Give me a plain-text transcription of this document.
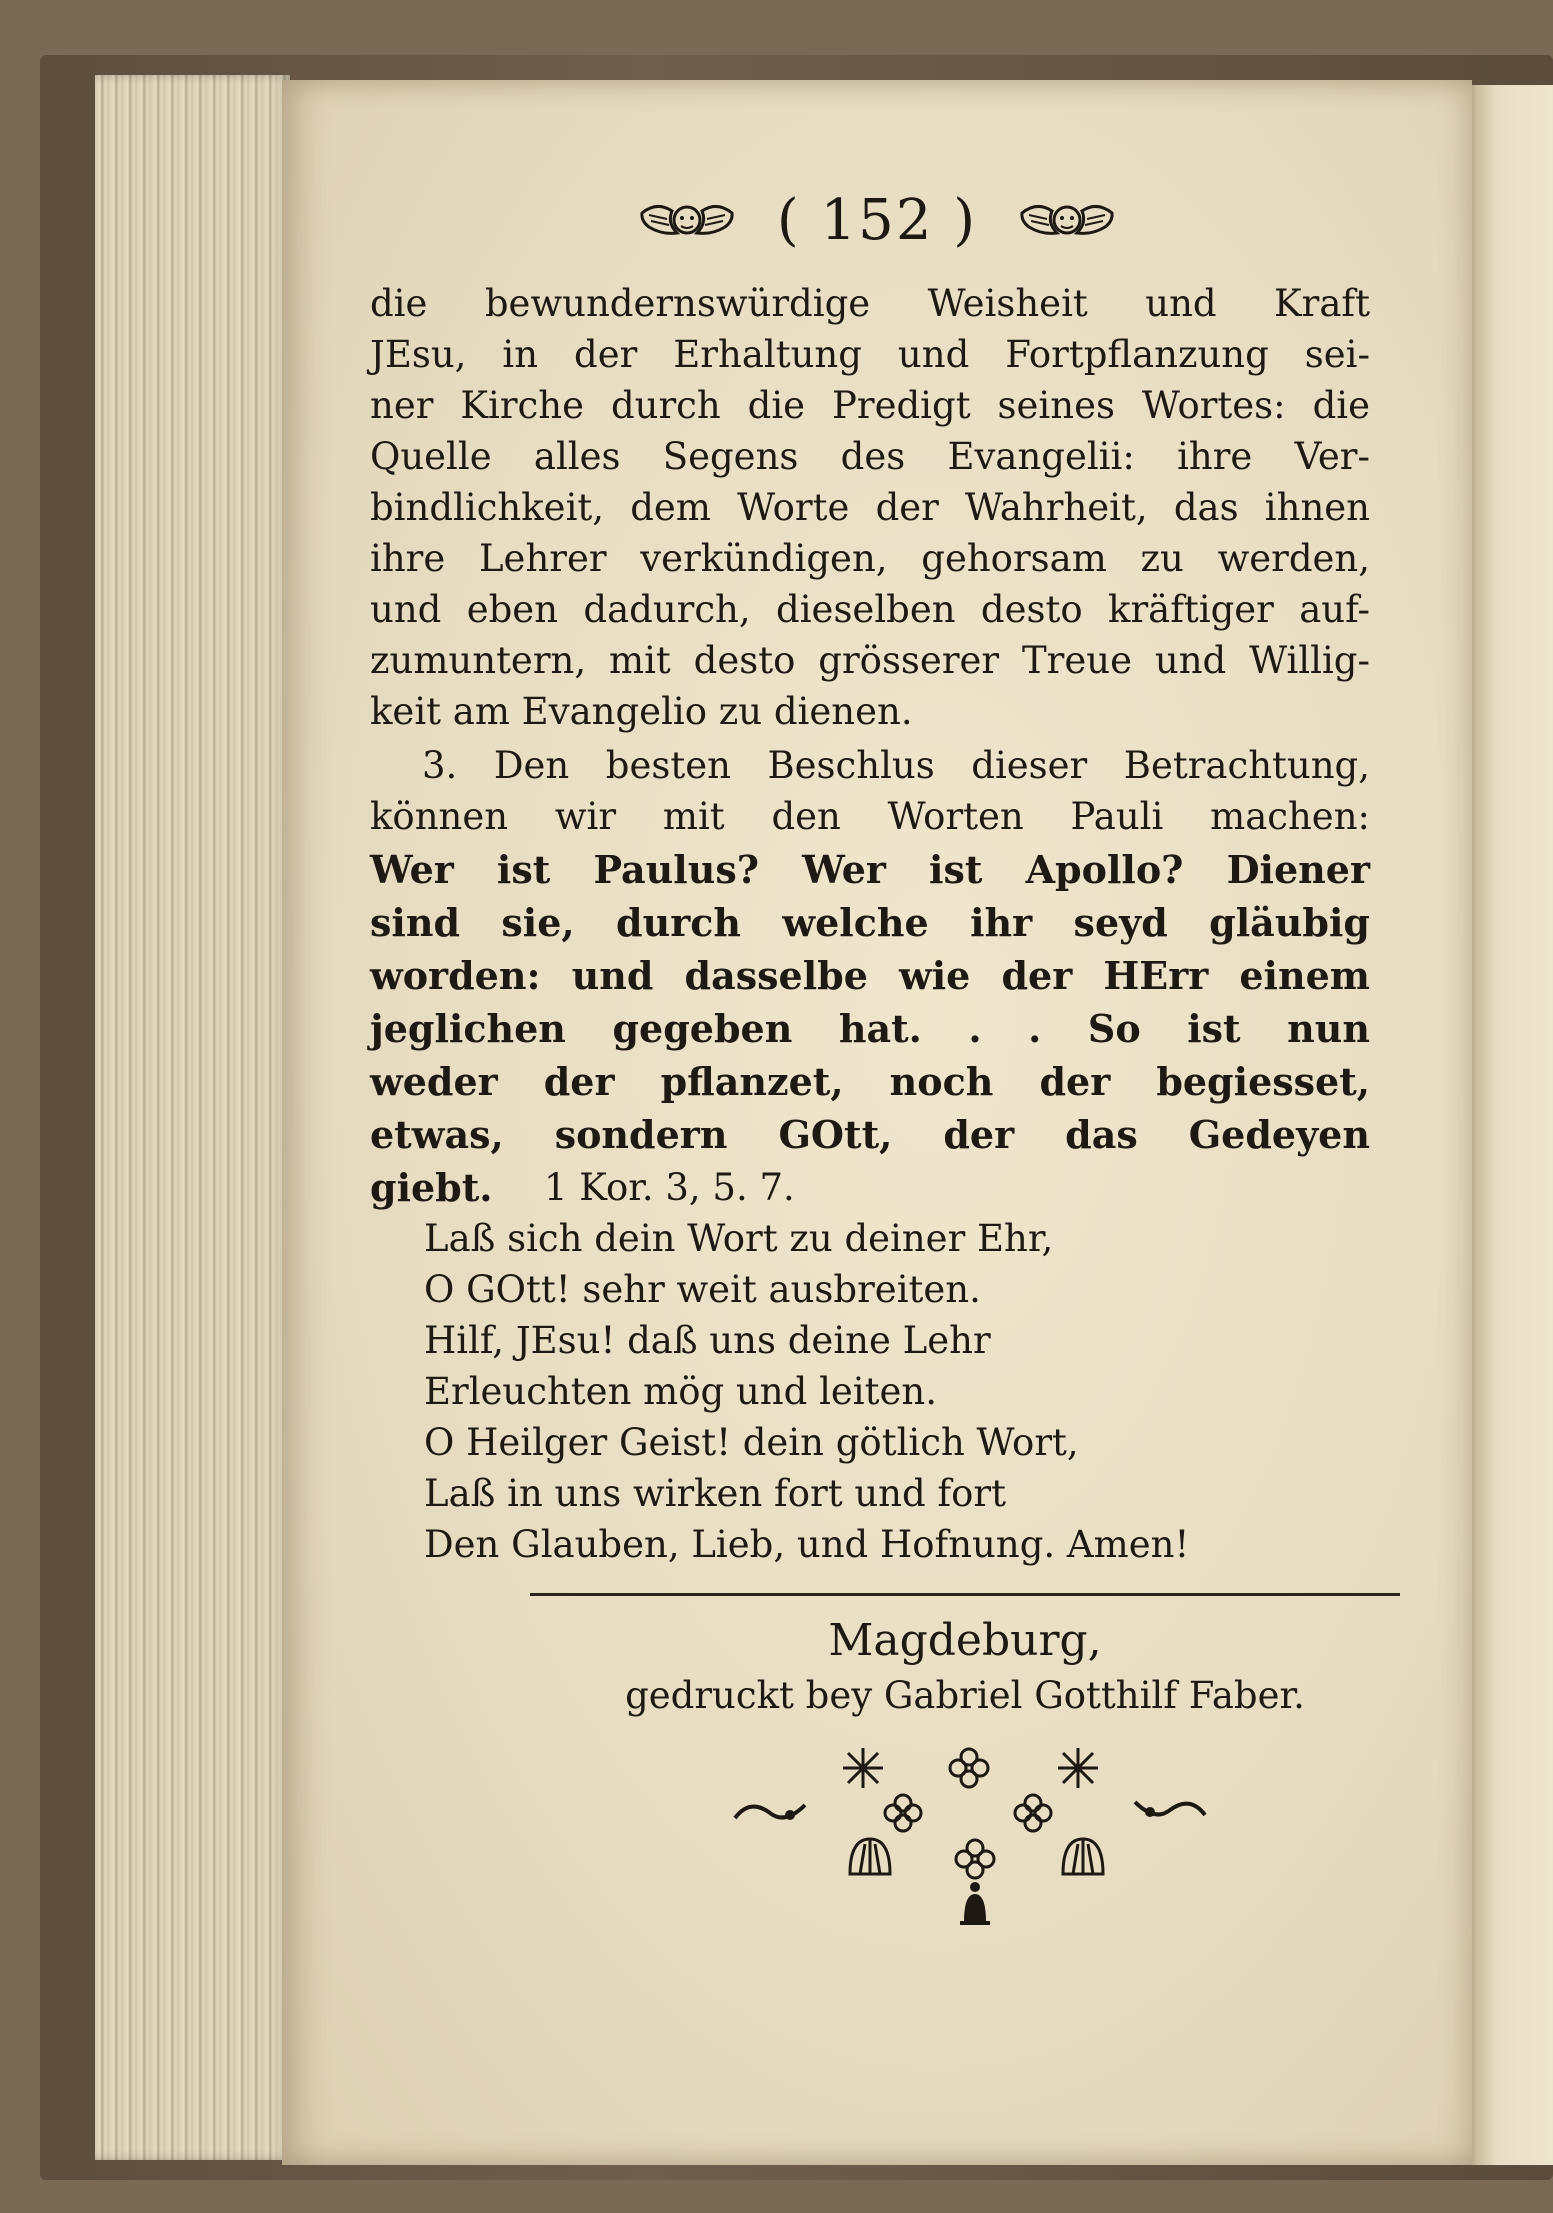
( 152 )
die bewundernswürdige Weisheit und Kraft
JEsu, in der Erhaltung und Fortpflanzung sei-
ner Kirche durch die Predigt seines Wortes: die
Quelle alles Segens des Evangelii: ihre Ver-
bindlichkeit, dem Worte der Wahrheit, das ihnen
ihre Lehrer verkündigen, gehorsam zu werden,
und eben dadurch, dieselben desto kräftiger auf-
zumuntern, mit desto grösserer Treue und Willig-
keit am Evangelio zu dienen.
3. Den besten Beschlus dieser Betrachtung,
können wir mit den Worten Pauli machen:
Wer ist Paulus? Wer ist Apollo? Diener
sind sie, durch welche ihr seyd gläubig
worden: und dasselbe wie der HErr einem
jeglichen gegeben hat. . . So ist nun
weder der pflanzet, noch der begiesset,
etwas, sondern GOtt, der das Gedeyen
giebt.	1 Kor. 3, 5. 7.
Laß sich dein Wort zu deiner Ehr,
O GOtt! sehr weit ausbreiten.
Hilf, JEsu! daß uns deine Lehr
Erleuchten mög und leiten.
O Heilger Geist! dein götlich Wort,
Laß in uns wirken fort und fort
Den Glauben, Lieb, und Hofnung. Amen!
Magdeburg,
gedruckt bey Gabriel Gotthilf Faber.
